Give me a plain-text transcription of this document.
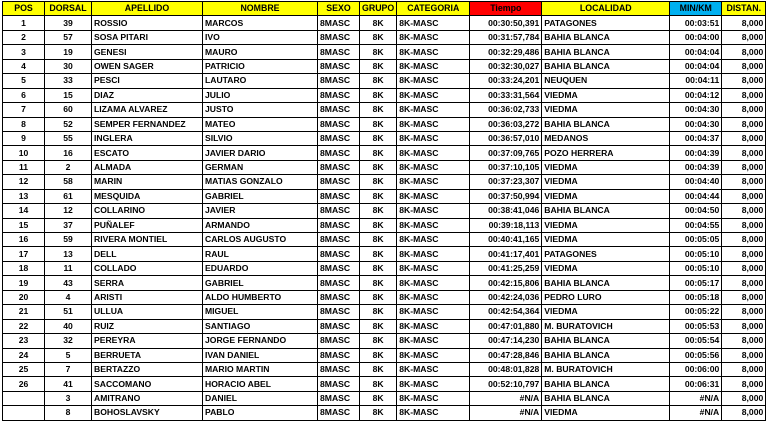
POS	DORSAL	APELLIDO	NOMBRE	SEXO	GRUPO	CATEGORIA	Tiempo	LOCALIDAD	MIN/KM	DISTAN.
1	39	ROSSIO	MARCOS	8MASC	8K	8K-MASC	00:30:50,391	PATAGONES	00:03:51	8,000
2	57	SOSA PITARI	IVO	8MASC	8K	8K-MASC	00:31:57,784	BAHIA BLANCA	00:04:00	8,000
3	19	GENESI	MAURO	8MASC	8K	8K-MASC	00:32:29,486	BAHIA BLANCA	00:04:04	8,000
4	30	OWEN SAGER	PATRICIO	8MASC	8K	8K-MASC	00:32:30,027	BAHIA BLANCA	00:04:04	8,000
5	33	PESCI	LAUTARO	8MASC	8K	8K-MASC	00:33:24,201	NEUQUEN	00:04:11	8,000
6	15	DIAZ	JULIO	8MASC	8K	8K-MASC	00:33:31,564	VIEDMA	00:04:12	8,000
7	60	LIZAMA ALVAREZ	JUSTO	8MASC	8K	8K-MASC	00:36:02,733	VIEDMA	00:04:30	8,000
8	52	SEMPER FERNANDEZ	MATEO	8MASC	8K	8K-MASC	00:36:03,272	BAHIA BLANCA	00:04:30	8,000
9	55	INGLERA	SILVIO	8MASC	8K	8K-MASC	00:36:57,010	MEDANOS	00:04:37	8,000
10	16	ESCATO	JAVIER DARIO	8MASC	8K	8K-MASC	00:37:09,765	POZO HERRERA	00:04:39	8,000
11	2	ALMADA	GERMAN	8MASC	8K	8K-MASC	00:37:10,105	VIEDMA	00:04:39	8,000
12	58	MARIN	MATIAS GONZALO	8MASC	8K	8K-MASC	00:37:23,307	VIEDMA	00:04:40	8,000
13	61	MESQUIDA	GABRIEL	8MASC	8K	8K-MASC	00:37:50,994	VIEDMA	00:04:44	8,000
14	12	COLLARINO	JAVIER	8MASC	8K	8K-MASC	00:38:41,046	BAHIA BLANCA	00:04:50	8,000
15	37	PUÑALEF	ARMANDO	8MASC	8K	8K-MASC	00:39:18,113	VIEDMA	00:04:55	8,000
16	59	RIVERA MONTIEL	CARLOS AUGUSTO	8MASC	8K	8K-MASC	00:40:41,165	VIEDMA	00:05:05	8,000
17	13	DELL	RAUL	8MASC	8K	8K-MASC	00:41:17,401	PATAGONES	00:05:10	8,000
18	11	COLLADO	EDUARDO	8MASC	8K	8K-MASC	00:41:25,259	VIEDMA	00:05:10	8,000
19	43	SERRA	GABRIEL	8MASC	8K	8K-MASC	00:42:15,806	BAHIA BLANCA	00:05:17	8,000
20	4	ARISTI	ALDO HUMBERTO	8MASC	8K	8K-MASC	00:42:24,036	PEDRO LURO	00:05:18	8,000
21	51	ULLUA	MIGUEL	8MASC	8K	8K-MASC	00:42:54,364	VIEDMA	00:05:22	8,000
22	40	RUIZ	SANTIAGO	8MASC	8K	8K-MASC	00:47:01,880	M. BURATOVICH	00:05:53	8,000
23	32	PEREYRA	JORGE FERNANDO	8MASC	8K	8K-MASC	00:47:14,230	BAHIA BLANCA	00:05:54	8,000
24	5	BERRUETA	IVAN DANIEL	8MASC	8K	8K-MASC	00:47:28,846	BAHIA BLANCA	00:05:56	8,000
25	7	BERTAZZO	MARIO MARTIN	8MASC	8K	8K-MASC	00:48:01,828	M. BURATOVICH	00:06:00	8,000
26	41	SACCOMANO	HORACIO ABEL	8MASC	8K	8K-MASC	00:52:10,797	BAHIA BLANCA	00:06:31	8,000
	3	AMITRANO	DANIEL	8MASC	8K	8K-MASC	#N/A	BAHIA BLANCA	#N/A	8,000
	8	BOHOSLAVSKY	PABLO	8MASC	8K	8K-MASC	#N/A	VIEDMA	#N/A	8,000
